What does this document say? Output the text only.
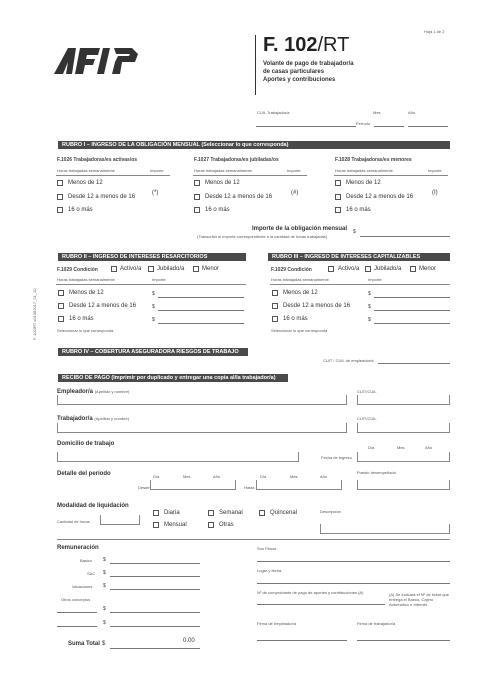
Hoja 1 de 2
F. 102/RT
Volante de pago de trabajador/a
de casas particulares
Aportes y contribuciones
CUIL Trabajador/a	Mes	Año
Período
RUBRO I – INGRESO DE LA OBLIGACIÓN MENSUAL (Seleccionar lo que corresponda)
F.1026 Trabajadoras/es activas/os
Horas trabajadas semanalmente	Importe
Menos de 12
Desde 12 a menos de 16
16 o más
(*)
F.1027 Trabajadoras/es jubiladas/os
Horas trabajadas semanalmente	Importe
Menos de 12
Desde 12 a menos de 16
16 o más
(#)
F.1028 Trabajadoras/es menores
Horas trabajadas semanalmente	Importe
Menos de 12
Desde 12 a menos de 16
16 o más
(I)
Importe de la obligación mensual
(Transcribir el importe correspondiente a la cantidad de horas trabajadas)
$
RUBRO II – INGRESO DE INTERESES RESARCITORIOS
F.1029 Condición	Activo/a	Jubilado/a	Menor
Horas trabajadas semanalmente	Importe
Menos de 12	$
Desde 12 a menos de 16	$
16 o más	$
Seleccionar lo que corresponda
RUBRO III – INGRESO DE INTERESES CAPITALIZABLES
F.1029 Condición	Activo/a Jubilado/a	Menor
Horas trabajadas semanalmente	Importe
Menos de 12	$
Desde 12 a menos de 16	$
16 o más	$
Seleccionar lo que corresponda
F. 102/RT v01082017_21_10
RUBRO IV – COBERTURA ASEGURADORA RIESGOS DE TRABAJO
CUIT / CUIL de empleador/a
RECIBO DE PAGO (Imprimir por duplicado y entregar una copia al/la trabajador/a)
Empleador/a (Apellido y nombre)	CUIT/CUIL
Trabajador/a (Apellido y nombre)	CUIT/CUIL
Domicilio de trabajo
Día	Mes	Año
Fecha de ingreso
Detalle del período	Día	Mes	Año	Día	Mes	Año
Puesto desempeñado
Desde	Hasta
Modalidad de liquidación
Cantidad de horas
Diaria	Semanal	Quincenal
Mensual	Otras
Descripción
Remuneración
Básico $
SAC $
Vacaciones $
Otros conceptos
$
$
Suma Total $	0.00
Son Pesos
Lugar y fecha
Nº de comprobante de pago de aportes y contribuciones (A)	(A) Se indicará el Nº de ticket que entrega el Banco, Cajero Automático e Internet.
Firma de empleador/a	Firma de trabajador/a
